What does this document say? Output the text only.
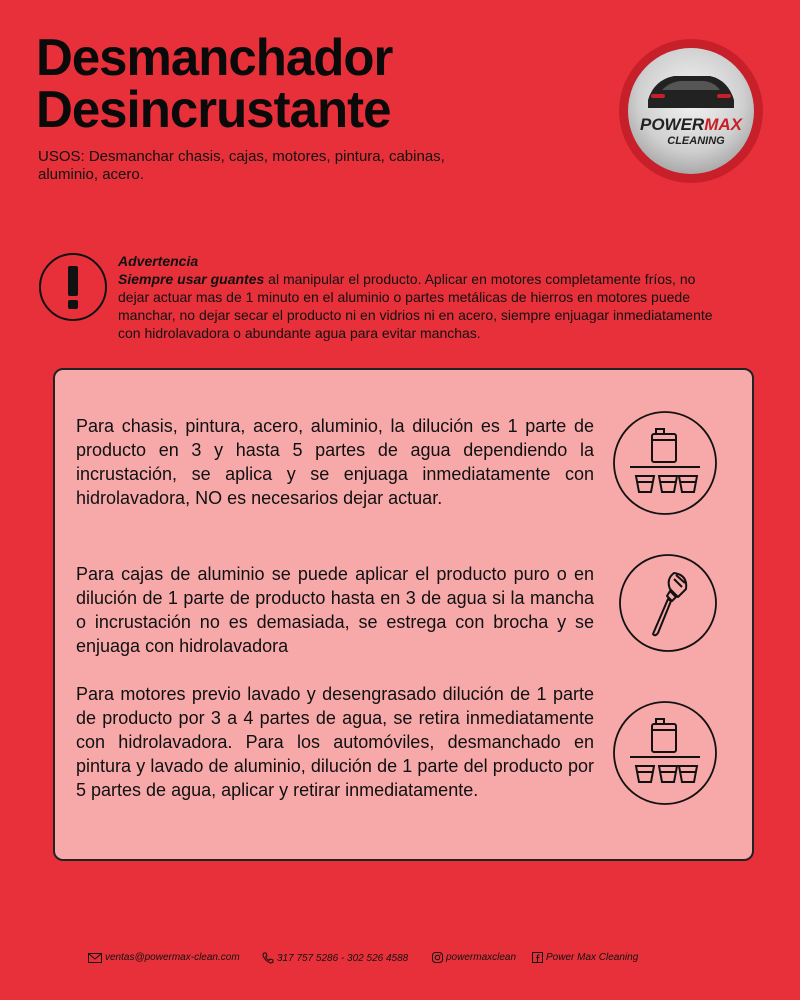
Desmanchador
Desincrustante
USOS: Desmanchar chasis, cajas, motores, pintura, cabinas, aluminio, acero.
POWERMAX
CLEANING
Advertencia
Siempre usar guantes al manipular el producto. Aplicar en motores completamente fríos, no dejar actuar mas de 1 minuto en el aluminio o partes metálicas de hierros en motores puede manchar, no dejar secar el producto ni en vidrios ni en acero, siempre enjuagar inmediatamente con hidrolavadora o abundante agua para evitar manchas.
Para chasis, pintura, acero, aluminio, la dilución es 1 parte de producto en 3 y hasta 5 partes de agua dependiendo la incrustación, se aplica y se enjuaga inmediatamente con hidrolavadora, NO es necesarios dejar actuar.
Para cajas de aluminio se puede aplicar el producto puro o en dilución de 1 parte de producto hasta en 3 de agua si la mancha o incrustación no es demasiada, se estrega con brocha y se enjuaga con hidrolavadora
Para motores previo lavado y desengrasado dilución de 1 parte de producto por 3 a 4 partes de agua, se retira inmediatamente con hidrolavadora. Para los automóviles, desmanchado en pintura y lavado de aluminio, dilución de 1 parte del producto por 5 partes de agua, aplicar y retirar inmediatamente.
ventas@powermax-clean.com	317 757 5286 - 302 526 4588	powermaxclean	Power Max Cleaning
